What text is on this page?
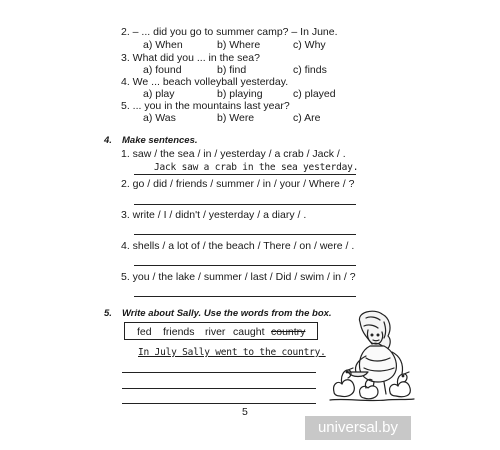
2. – ... did you go to summer camp? – In June.
a) When	b) Where	c) Why
3. What did you ... in the sea?
a) found	b) find	c) finds
4. We ... beach volleyball yesterday.
a) play	b) playing	c) played
5. ... you in the mountains last year?
a) Was	b) Were	c) Are
4. Make sentences.
1. saw / the sea / in / yesterday / a crab / Jack / .
Jack saw a crab in the sea yesterday.
2. go / did / friends / summer / in / your / Where / ?
3. write / I / didn't / yesterday / a diary / .
4. shells / a lot of / the beach / There / on / were / .
5. you / the lake / summer / last / Did / swim / in / ?
5. Write about Sally. Use the words from the box.
fed friends river caught country
In July Sally went to the country.
5
universal.by
